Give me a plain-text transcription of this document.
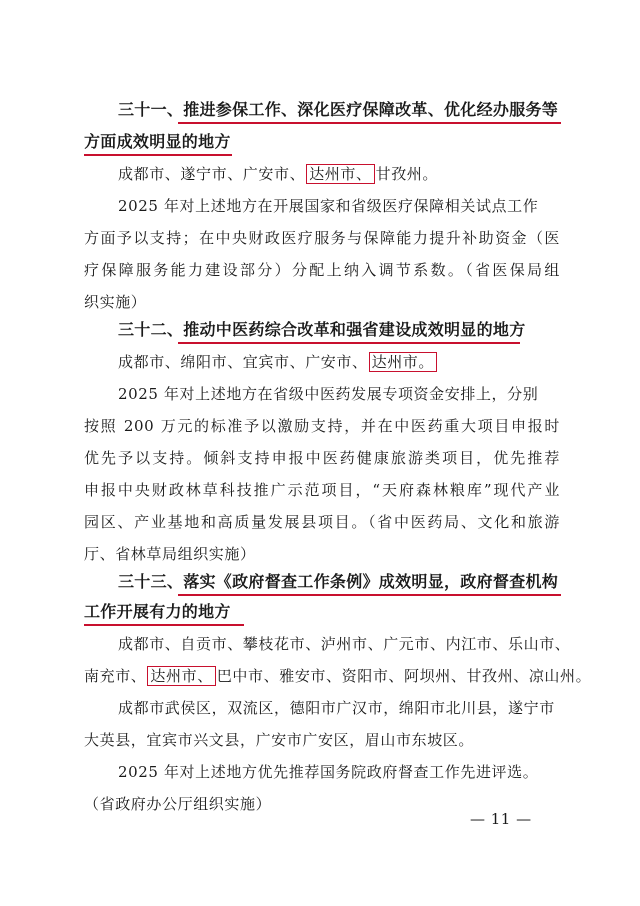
三十一、推进参保工作、深化医疗保障改革、优化经办服务等
方面成效明显的地方
成都市、遂宁市、广安市、 达州市、 甘孜州。
2025 年对上述地方在开展国家和省级医疗保障相关试点工作
方面予以支持；在中央财政医疗服务与保障能力提升补助资金（医
疗保障服务能力建设部分）分配上纳入调节系数。（省医保局组
织实施）
三十二、推动中医药综合改革和强省建设成效明显的地方
成都市、绵阳市、宜宾市、广安市、 达州市。
2025 年对上述地方在省级中医药发展专项资金安排上，分别
按照 200 万元的标准予以激励支持，并在中医药重大项目申报时
优先予以支持。倾斜支持申报中医药健康旅游类项目，优先推荐
申报中央财政林草科技推广示范项目，“天府森林粮库”现代产业
园区、产业基地和高质量发展县项目。（省中医药局、文化和旅游
厅、省林草局组织实施）
三十三、落实《政府督查工作条例》成效明显，政府督查机构
工作开展有力的地方
成都市、自贡市、攀枝花市、泸州市、广元市、内江市、乐山市、
南充市、 达州市、 巴中市、雅安市、资阳市、阿坝州、甘孜州、凉山州。
成都市武侯区，双流区，德阳市广汉市，绵阳市北川县，遂宁市
大英县，宜宾市兴文县，广安市广安区，眉山市东坡区。
2025 年对上述地方优先推荐国务院政府督查工作先进评选。
（省政府办公厅组织实施）
— 11 —
